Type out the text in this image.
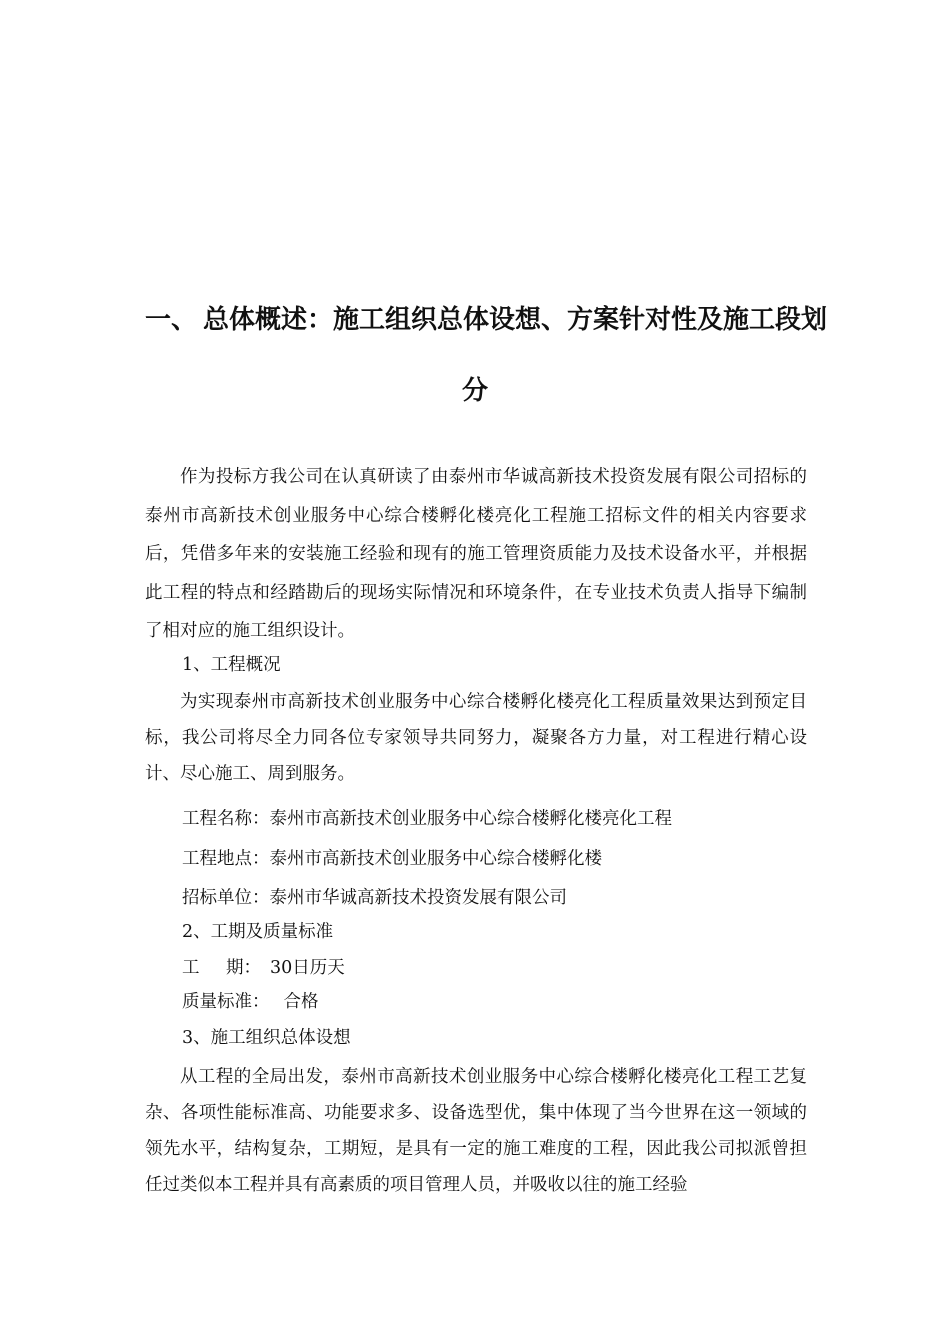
一、 总体概述：施工组织总体设想、方案针对性及施工段划
分

作为投标方我公司在认真研读了由泰州市华诚高新技术投资发展有限公司招标的泰州市高新技术创业服务中心综合楼孵化楼亮化工程施工招标文件的相关内容要求后，凭借多年来的安装施工经验和现有的施工管理资质能力及技术设备水平，并根据此工程的特点和经踏勘后的现场实际情况和环境条件，在专业技术负责人指导下编制了相对应的施工组织设计。

1、工程概况

为实现泰州市高新技术创业服务中心综合楼孵化楼亮化工程质量效果达到预定目标，我公司将尽全力同各位专家领导共同努力，凝聚各方力量，对工程进行精心设计、尽心施工、周到服务。

工程名称：泰州市高新技术创业服务中心综合楼孵化楼亮化工程

工程地点：泰州市高新技术创业服务中心综合楼孵化楼

招标单位：泰州市华诚高新技术投资发展有限公司

2、工期及质量标准

工 期： 30日历天

质量标准： 合格

3、施工组织总体设想

从工程的全局出发，泰州市高新技术创业服务中心综合楼孵化楼亮化工程工艺复杂、各项性能标准高、功能要求多、设备选型优，集中体现了当今世界在这一领域的领先水平，结构复杂，工期短，是具有一定的施工难度的工程，因此我公司拟派曾担任过类似本工程并具有高素质的项目管理人员，并吸收以往的施工经验
